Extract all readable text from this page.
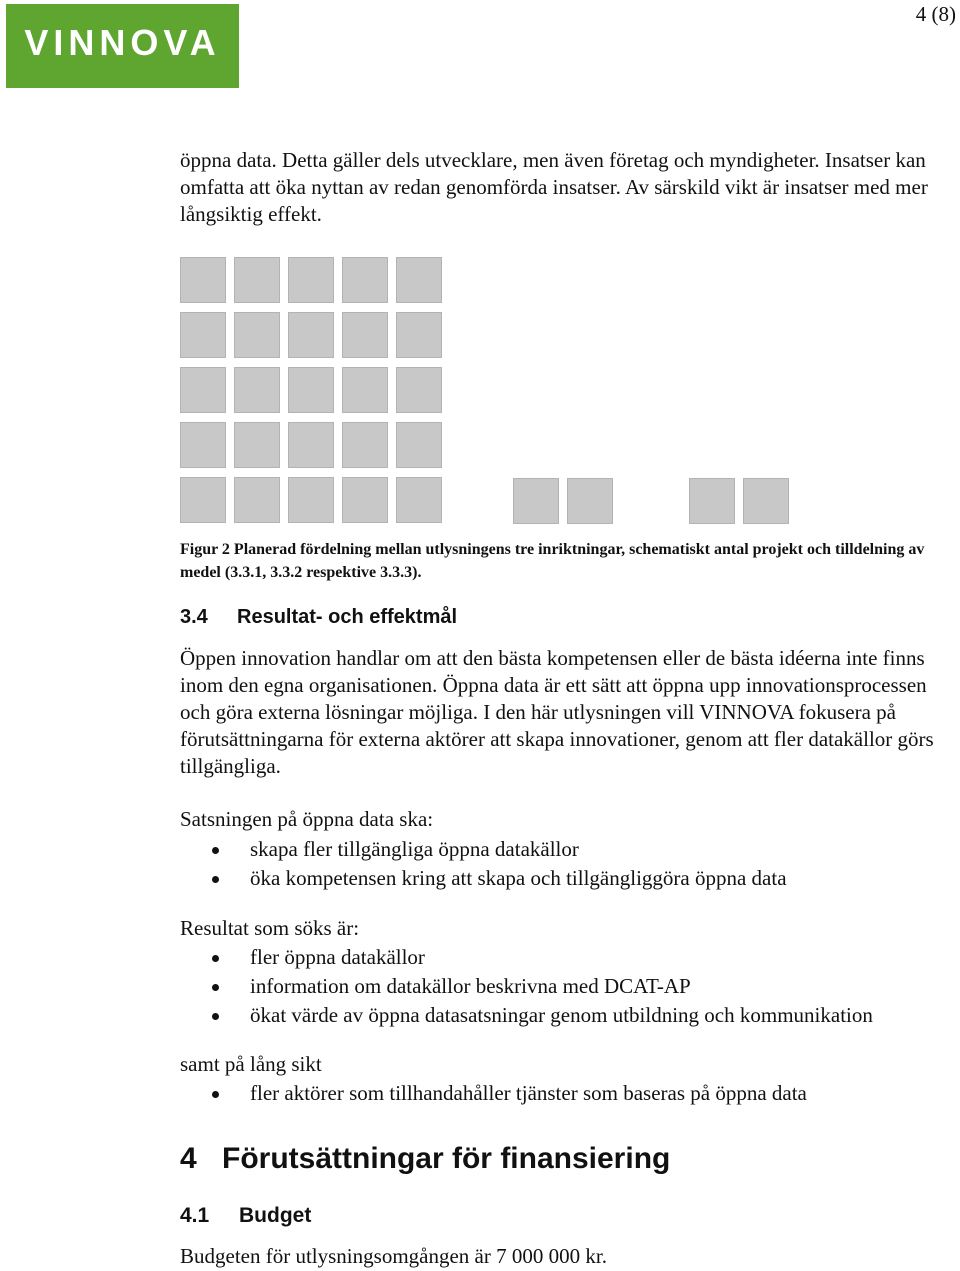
VINNOVA
4 (8)

öppna data. Detta gäller dels utvecklare, men även företag och myndigheter. Insatser kan omfatta att öka nyttan av redan genomförda insatser. Av särskild vikt är insatser med mer långsiktig effekt.

Figur 2 Planerad fördelning mellan utlysningens tre inriktningar, schematiskt antal projekt och tilldelning av medel (3.3.1, 3.3.2 respektive 3.3.3).

3.4 Resultat- och effektmål

Öppen innovation handlar om att den bästa kompetensen eller de bästa idéerna inte finns inom den egna organisationen. Öppna data är ett sätt att öppna upp innovationsprocessen och göra externa lösningar möjliga. I den här utlysningen vill VINNOVA fokusera på förutsättningarna för externa aktörer att skapa innovationer, genom att fler datakällor görs tillgängliga.

Satsningen på öppna data ska:

skapa fler tillgängliga öppna datakällor
öka kompetensen kring att skapa och tillgängliggöra öppna data

Resultat som söks är:

fler öppna datakällor
information om datakällor beskrivna med DCAT-AP
ökat värde av öppna datasatsningar genom utbildning och kommunikation

samt på lång sikt

fler aktörer som tillhandahåller tjänster som baseras på öppna data
4 Förutsättningar för finansiering
4.1 Budget

Budgeten för utlysningsomgången är 7 000 000 kr.
